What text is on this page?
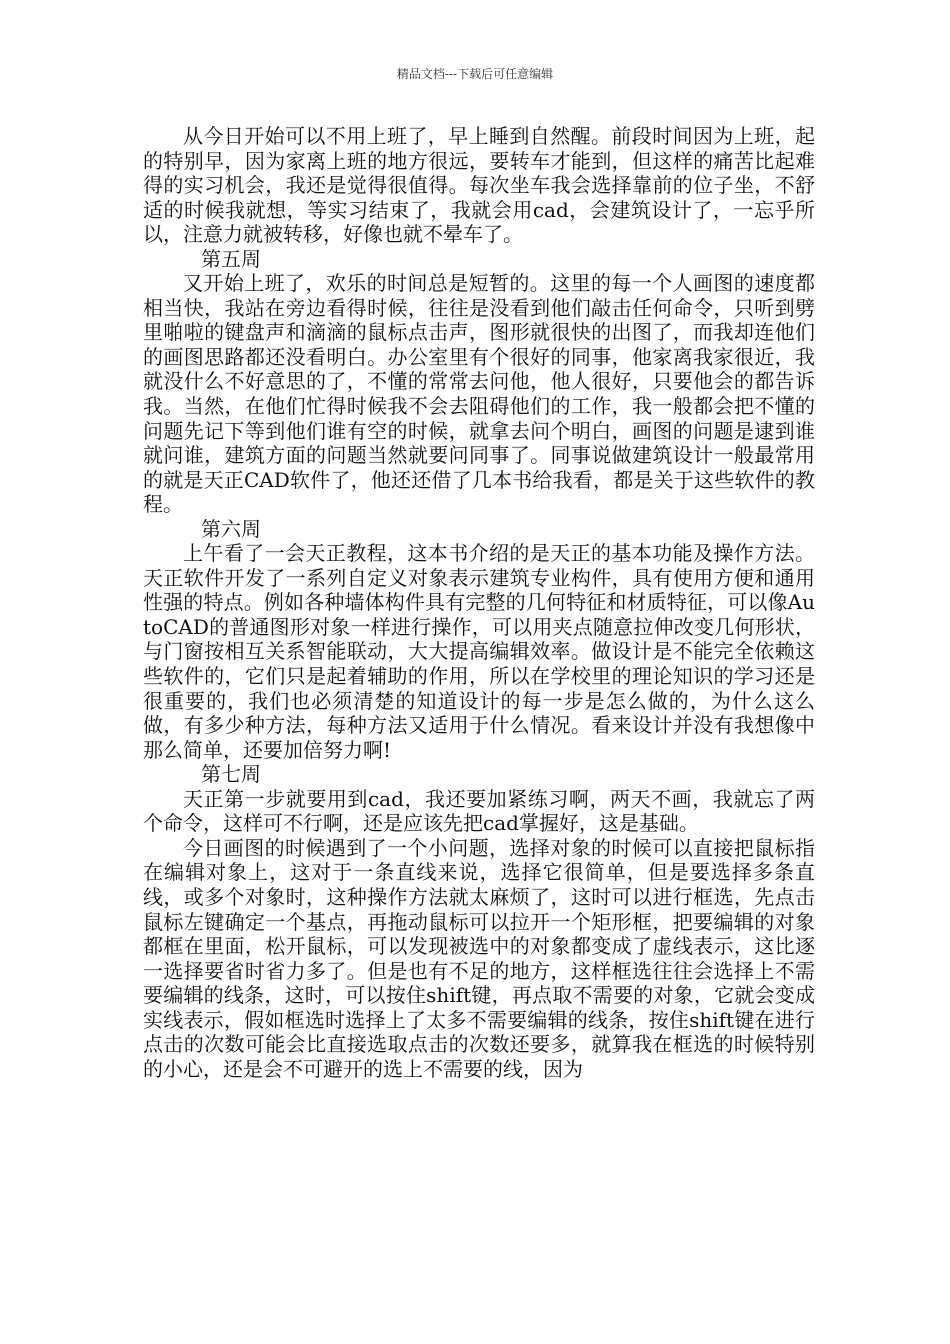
精品文档---下载后可任意编辑

从今日开始可以不用上班了，早上睡到自然醒。前段时间因为上班，起的特别早，因为家离上班的地方很远，要转车才能到，但这样的痛苦比起难得的实习机会，我还是觉得很值得。每次坐车我会选择靠前的位子坐，不舒适的时候我就想，等实习结束了，我就会用cad，会建筑设计了，一忘乎所以，注意力就被转移，好像也就不晕车了。

第五周

又开始上班了，欢乐的时间总是短暂的。这里的每一个人画图的速度都相当快，我站在旁边看得时候，往往是没看到他们敲击任何命令，只听到劈里啪啦的键盘声和滴滴的鼠标点击声，图形就很快的出图了，而我却连他们的画图思路都还没看明白。办公室里有个很好的同事，他家离我家很近，我就没什么不好意思的了，不懂的常常去问他，他人很好，只要他会的都告诉我。当然，在他们忙得时候我不会去阻碍他们的工作，我一般都会把不懂的问题先记下等到他们谁有空的时候，就拿去问个明白，画图的问题是逮到谁就问谁，建筑方面的问题当然就要问同事了。同事说做建筑设计一般最常用的就是天正CAD软件了，他还还借了几本书给我看，都是关于这些软件的教程。

第六周

上午看了一会天正教程，这本书介绍的是天正的基本功能及操作方法。天正软件开发了一系列自定义对象表示建筑专业构件，具有使用方便和通用性强的特点。例如各种墙体构件具有完整的几何特征和材质特征，可以像AutoCAD的普通图形对象一样进行操作，可以用夹点随意拉伸改变几何形状，与门窗按相互关系智能联动，大大提高编辑效率。做设计是不能完全依赖这些软件的，它们只是起着辅助的作用，所以在学校里的理论知识的学习还是很重要的，我们也必须清楚的知道设计的每一步是怎么做的，为什么这么做，有多少种方法，每种方法又适用于什么情况。看来设计并没有我想像中那么简单，还要加倍努力啊!

第七周

天正第一步就要用到cad，我还要加紧练习啊，两天不画，我就忘了两个命令，这样可不行啊，还是应该先把cad掌握好，这是基础。

今日画图的时候遇到了一个小问题，选择对象的时候可以直接把鼠标指在编辑对象上，这对于一条直线来说，选择它很简单，但是要选择多条直线，或多个对象时，这种操作方法就太麻烦了，这时可以进行框选，先点击鼠标左键确定一个基点，再拖动鼠标可以拉开一个矩形框，把要编辑的对象都框在里面，松开鼠标，可以发现被选中的对象都变成了虚线表示，这比逐一选择要省时省力多了。但是也有不足的地方，这样框选往往会选择上不需要编辑的线条，这时，可以按住shift键，再点取不需要的对象，它就会变成实线表示，假如框选时选择上了太多不需要编辑的线条，按住shift键在进行点击的次数可能会比直接选取点击的次数还要多，就算我在框选的时候特别的小心，还是会不可避开的选上不需要的线，因为
